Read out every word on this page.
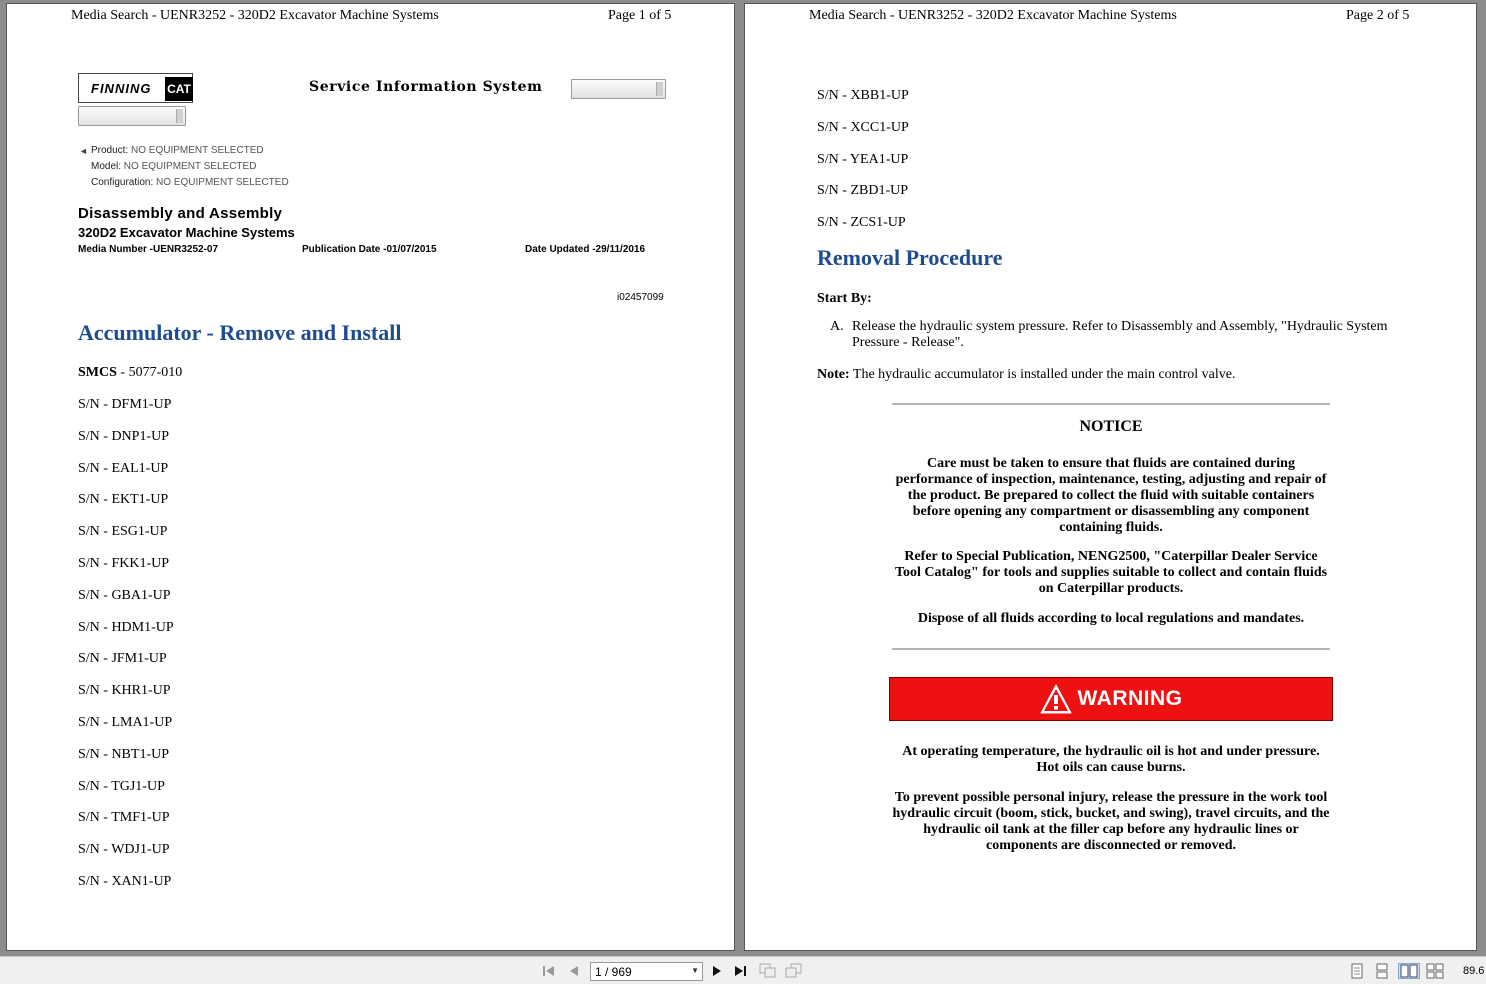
Media Search - UENR3252 - 320D2 Excavator Machine Systems	Page 1 of 5
FINNING CAT	Service Information System
◄ Product: NO EQUIPMENT SELECTED
Model: NO EQUIPMENT SELECTED
Configuration: NO EQUIPMENT SELECTED
Disassembly and Assembly
320D2 Excavator Machine Systems
Media Number -UENR3252-07	Publication Date -01/07/2015	Date Updated -29/11/2016
i02457099
Accumulator - Remove and Install
SMCS - 5077-010
S/N - DFM1-UP
S/N - DNP1-UP
S/N - EAL1-UP
S/N - EKT1-UP
S/N - ESG1-UP
S/N - FKK1-UP
S/N - GBA1-UP
S/N - HDM1-UP
S/N - JFM1-UP
S/N - KHR1-UP
S/N - LMA1-UP
S/N - NBT1-UP
S/N - TGJ1-UP
S/N - TMF1-UP
S/N - WDJ1-UP
S/N - XAN1-UP
Media Search - UENR3252 - 320D2 Excavator Machine Systems	Page 2 of 5
S/N - XBB1-UP
S/N - XCC1-UP
S/N - YEA1-UP
S/N - ZBD1-UP
S/N - ZCS1-UP
Removal Procedure
Start By:
A. Release the hydraulic system pressure. Refer to Disassembly and Assembly, "Hydraulic System Pressure - Release".
Note: The hydraulic accumulator is installed under the main control valve.
NOTICE
Care must be taken to ensure that fluids are contained during performance of inspection, maintenance, testing, adjusting and repair of the product. Be prepared to collect the fluid with suitable containers before opening any compartment or disassembling any component containing fluids.
Refer to Special Publication, NENG2500, "Caterpillar Dealer Service Tool Catalog" for tools and supplies suitable to collect and contain fluids on Caterpillar products.
Dispose of all fluids according to local regulations and mandates.
WARNING
At operating temperature, the hydraulic oil is hot and under pressure. Hot oils can cause burns.
To prevent possible personal injury, release the pressure in the work tool hydraulic circuit (boom, stick, bucket, and swing), travel circuits, and the hydraulic oil tank at the filler cap before any hydraulic lines or components are disconnected or removed.
1 / 969	▼	89.6
